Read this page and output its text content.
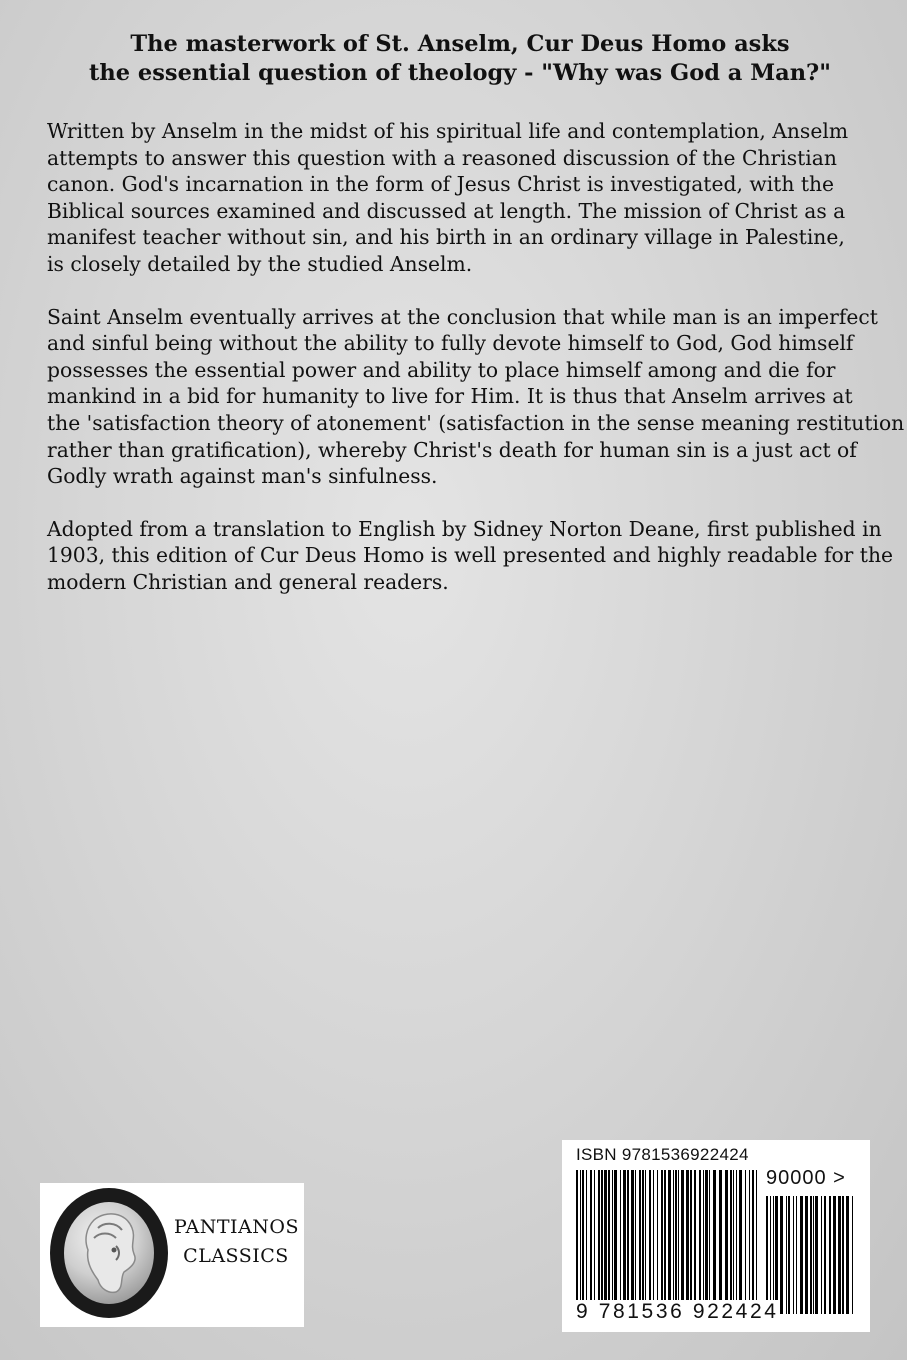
The masterwork of St. Anselm, Cur Deus Homo asks
the essential question of theology - "Why was God a Man?"

Written by Anselm in the midst of his spiritual life and contemplation, Anselm
attempts to answer this question with a reasoned discussion of the Christian
canon. God's incarnation in the form of Jesus Christ is investigated, with the
Biblical sources examined and discussed at length. The mission of Christ as a
manifest teacher without sin, and his birth in an ordinary village in Palestine,
is closely detailed by the studied Anselm.

Saint Anselm eventually arrives at the conclusion that while man is an imperfect
and sinful being without the ability to fully devote himself to God, God himself
possesses the essential power and ability to place himself among and die for
mankind in a bid for humanity to live for Him. It is thus that Anselm arrives at
the 'satisfaction theory of atonement' (satisfaction in the sense meaning restitution
rather than gratification), whereby Christ's death for human sin is a just act of
Godly wrath against man's sinfulness.

Adopted from a translation to English by Sidney Norton Deane, first published in
1903, this edition of Cur Deus Homo is well presented and highly readable for the
modern Christian and general readers.

PANTIANOS
CLASSICS
ISBN 9781536922424
90000 >
9 781536 922424
